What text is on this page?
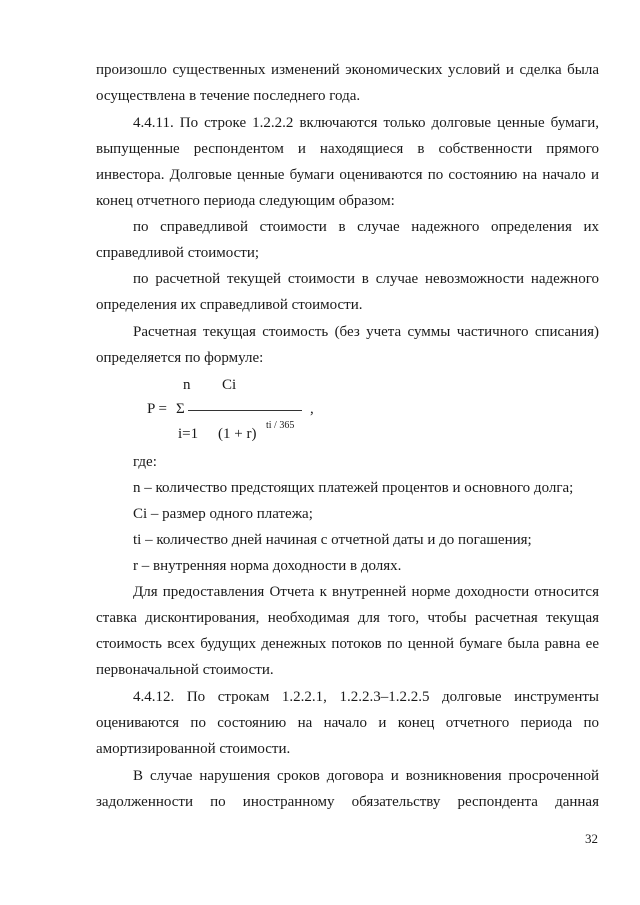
произошло существенных изменений экономических условий и сделка была
осуществлена в течение последнего года.
4.4.11. По строке 1.2.2.2 включаются только долговые ценные бумаги,
выпущенные респондентом и находящиеся в собственности прямого
инвестора. Долговые ценные бумаги оцениваются по состоянию на начало и
конец отчетного периода следующим образом:
по справедливой стоимости в случае надежного определения их
справедливой стоимости;
по расчетной текущей стоимости в случае невозможности надежного
определения их справедливой стоимости.
Расчетная текущая стоимость (без учета суммы частичного списания)
определяется по формуле:
n Ci
P = Σ	,
i=1 (1 + r)
ti / 365
где:
n – количество предстоящих платежей процентов и основного долга;
Ci – размер одного платежа;
ti – количество дней начиная с отчетной даты и до погашения;
r – внутренняя норма доходности в долях.
Для предоставления Отчета к внутренней норме доходности относится
ставка дисконтирования, необходимая для того, чтобы расчетная текущая
стоимость всех будущих денежных потоков по ценной бумаге была равна ее
первоначальной стоимости.
4.4.12. По строкам 1.2.2.1, 1.2.2.3–1.2.2.5 долговые инструменты
оцениваются по состоянию на начало и конец отчетного периода по
амортизированной стоимости.
В случае нарушения сроков договора и возникновения просроченной
задолженности по иностранному обязательству респондента данная
32
